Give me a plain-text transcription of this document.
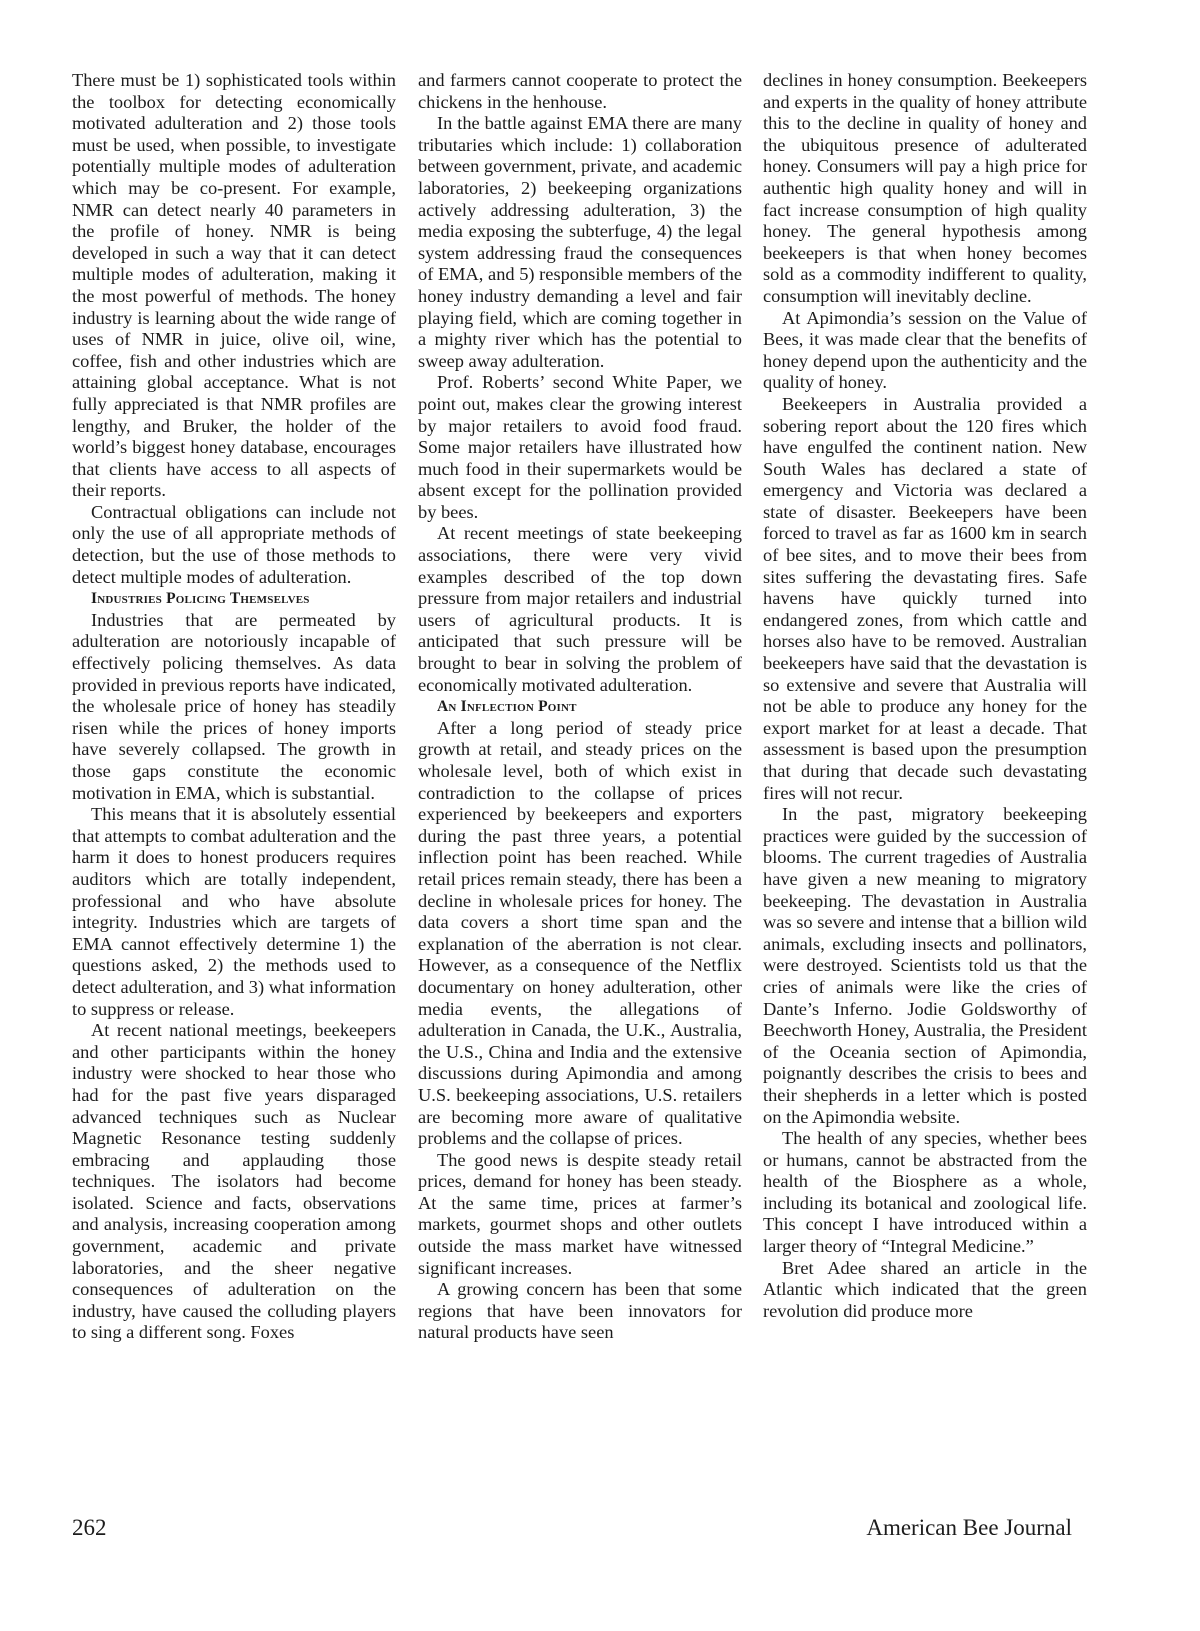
There must be 1) sophisticated tools within the toolbox for detecting economically motivated adulteration and 2) those tools must be used, when possible, to investigate potentially multiple modes of adulteration which may be co-present. For example, NMR can detect nearly 40 parameters in the profile of honey. NMR is being developed in such a way that it can detect multiple modes of adulteration, making it the most powerful of methods. The honey industry is learning about the wide range of uses of NMR in juice, olive oil, wine, coffee, fish and other industries which are attaining global acceptance. What is not fully appreciated is that NMR profiles are lengthy, and Bruker, the holder of the world’s biggest honey database, encourages that clients have access to all aspects of their reports.

Contractual obligations can include not only the use of all appropriate methods of detection, but the use of those methods to detect multiple modes of adulteration.

Industries Policing Themselves

Industries that are permeated by adulteration are notoriously incapable of effectively policing themselves. As data provided in previous reports have indicated, the wholesale price of honey has steadily risen while the prices of honey imports have severely collapsed. The growth in those gaps constitute the economic motivation in EMA, which is substantial.

This means that it is absolutely essential that attempts to combat adulteration and the harm it does to honest producers requires auditors which are totally independent, professional and who have absolute integrity. Industries which are targets of EMA cannot effectively determine 1) the questions asked, 2) the methods used to detect adulteration, and 3) what information to suppress or release.

At recent national meetings, beekeepers and other participants within the honey industry were shocked to hear those who had for the past five years disparaged advanced techniques such as Nuclear Magnetic Resonance testing suddenly embracing and applauding those techniques. The isolators had become isolated. Science and facts, observations and analysis, increasing cooperation among government, academic and private laboratories, and the sheer negative consequences of adulteration on the industry, have caused the colluding players to sing a different song. Foxes

and farmers cannot cooperate to protect the chickens in the henhouse.

In the battle against EMA there are many tributaries which include: 1) collaboration between government, private, and academic laboratories, 2) beekeeping organizations actively addressing adulteration, 3) the media exposing the subterfuge, 4) the legal system addressing fraud the consequences of EMA, and 5) responsible members of the honey industry demanding a level and fair playing field, which are coming together in a mighty river which has the potential to sweep away adulteration.

Prof. Roberts’ second White Paper, we point out, makes clear the growing interest by major retailers to avoid food fraud. Some major retailers have illustrated how much food in their supermarkets would be absent except for the pollination provided by bees.

At recent meetings of state beekeeping associations, there were very vivid examples described of the top down pressure from major retailers and industrial users of agricultural products. It is anticipated that such pressure will be brought to bear in solving the problem of economically motivated adulteration.

An Inflection Point

After a long period of steady price growth at retail, and steady prices on the wholesale level, both of which exist in contradiction to the collapse of prices experienced by beekeepers and exporters during the past three years, a potential inflection point has been reached. While retail prices remain steady, there has been a decline in wholesale prices for honey. The data covers a short time span and the explanation of the aberration is not clear. However, as a consequence of the Netflix documentary on honey adulteration, other media events, the allegations of adulteration in Canada, the U.K., Australia, the U.S., China and India and the extensive discussions during Apimondia and among U.S. beekeeping associations, U.S. retailers are becoming more aware of qualitative problems and the collapse of prices.

The good news is despite steady retail prices, demand for honey has been steady. At the same time, prices at farmer’s markets, gourmet shops and other outlets outside the mass market have witnessed significant increases.

A growing concern has been that some regions that have been innovators for natural products have seen

declines in honey consumption. Beekeepers and experts in the quality of honey attribute this to the decline in quality of honey and the ubiquitous presence of adulterated honey. Consumers will pay a high price for authentic high quality honey and will in fact increase consumption of high quality honey. The general hypothesis among beekeepers is that when honey becomes sold as a commodity indifferent to quality, consumption will inevitably decline.

At Apimondia’s session on the Value of Bees, it was made clear that the benefits of honey depend upon the authenticity and the quality of honey.

Beekeepers in Australia provided a sobering report about the 120 fires which have engulfed the continent nation. New South Wales has declared a state of emergency and Victoria was declared a state of disaster. Beekeepers have been forced to travel as far as 1600 km in search of bee sites, and to move their bees from sites suffering the devastating fires. Safe havens have quickly turned into endangered zones, from which cattle and horses also have to be removed. Australian beekeepers have said that the devastation is so extensive and severe that Australia will not be able to produce any honey for the export market for at least a decade. That assessment is based upon the presumption that during that decade such devastating fires will not recur.

In the past, migratory beekeeping practices were guided by the succession of blooms. The current tragedies of Australia have given a new meaning to migratory beekeeping. The devastation in Australia was so severe and intense that a billion wild animals, excluding insects and pollinators, were destroyed. Scientists told us that the cries of animals were like the cries of Dante’s Inferno. Jodie Goldsworthy of Beechworth Honey, Australia, the President of the Oceania section of Apimondia, poignantly describes the crisis to bees and their shepherds in a letter which is posted on the Apimondia website.

The health of any species, whether bees or humans, cannot be abstracted from the health of the Biosphere as a whole, including its botanical and zoological life. This concept I have introduced within a larger theory of “Integral Medicine.”

Bret Adee shared an article in the Atlantic which indicated that the green revolution did produce more

262	American Bee Journal
